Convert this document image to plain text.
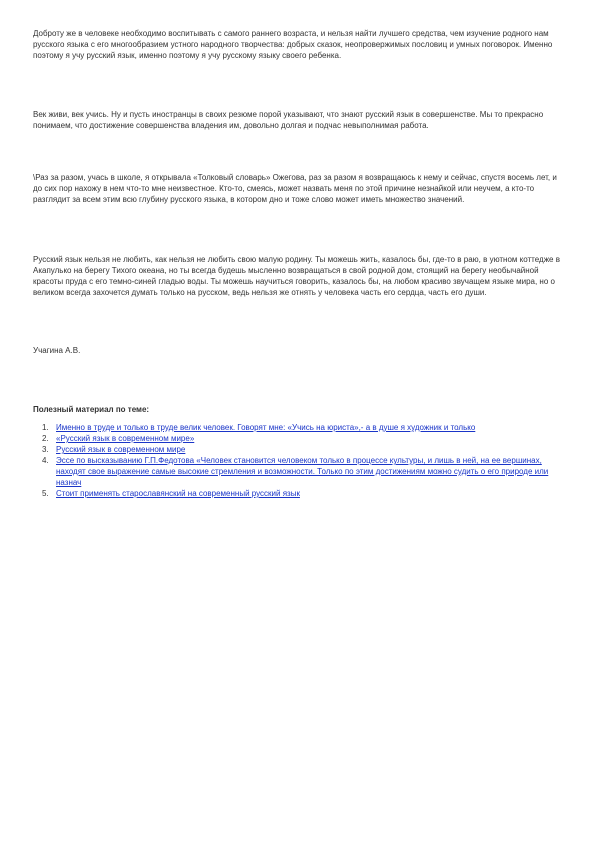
Доброту же в человеке необходимо воспитывать с самого раннего возраста, и нельзя найти лучшего средства, чем изучение родного нам русского языка с его многообразием устного народного творчества: добрых сказок, неопровержимых пословиц и умных поговорок. Именно поэтому я учу русский язык, именно поэтому я учу русскому языку своего ребенка.

Век живи, век учись. Ну и пусть иностранцы в своих резюме порой указывают, что знают русский язык в совершенстве. Мы то прекрасно понимаем, что достижение совершенства владения им, довольно долгая и подчас невыполнимая работа.

\Раз за разом, учась в школе, я открывала «Толковый словарь» Ожегова, раз за разом я возвращаюсь к нему и сейчас, спустя восемь лет, и до сих пор нахожу в нем что-то мне неизвестное. Кто-то, смеясь, может назвать меня по этой причине незнайкой или неучем, а кто-то разглядит за всем этим всю глубину русского языка, в котором дно и тоже слово может иметь множество значений.

Русский язык нельзя не любить, как нельзя не любить свою малую родину. Ты можешь жить, казалось бы, где-то в раю, в уютном коттедже в Акапулько на берегу Тихого океана, но ты всегда будешь мысленно возвращаться в свой родной дом, стоящий на берегу необычайной красоты пруда с его темно-синей гладью воды. Ты можешь научиться говорить, казалось бы, на любом красиво звучащем языке мира, но о великом всегда захочется думать только на русском, ведь нельзя же отнять у человека часть его сердца, часть его души.

Учагина А.В.
Полезный материал по теме:
1. Именно в труде и только в труде велик человек. Говорят мне: «Учись на юриста»,- а в душе я художник и только
2. «Русский язык в современном мире»
3. Русский язык в современном мире
4. Эссе по высказыванию Г.П.Федотова «Человек становится человеком только в процессе культуры, и лишь в ней, на ее вершинах, находят свое выражение самые высокие стремления и возможности. Только по этим достижениям можно судить о его природе или назнач
5. Стоит применять старославянский на современный русский язык
